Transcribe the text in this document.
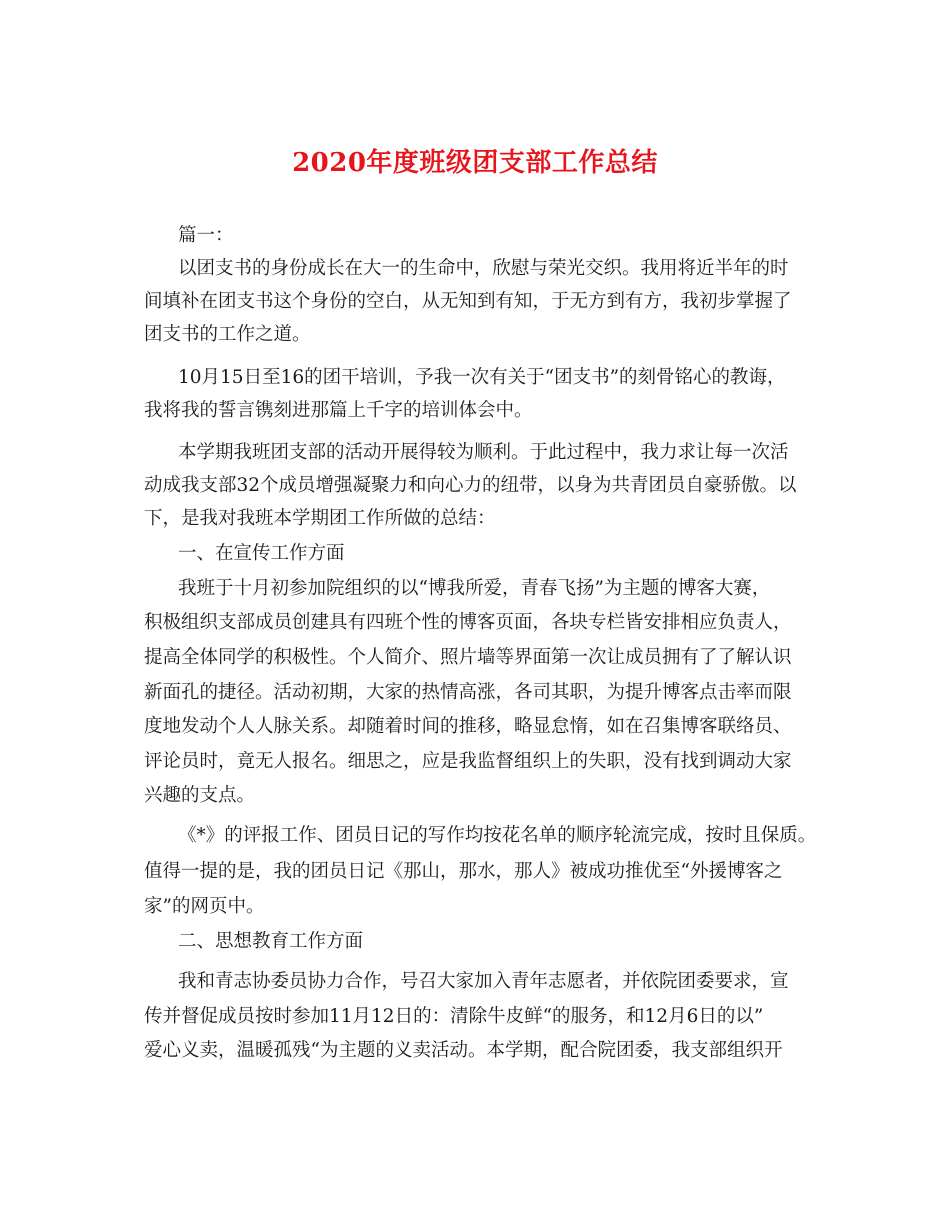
2020年度班级团支部工作总结
篇一：
以团支书的身份成长在大一的生命中，欣慰与荣光交织。我用将近半年的时
间填补在团支书这个身份的空白，从无知到有知，于无方到有方，我初步掌握了
团支书的工作之道。
10月15日至16的团干培训，予我一次有关于“团支书”的刻骨铭心的教诲，
我将我的誓言镌刻进那篇上千字的培训体会中。
本学期我班团支部的活动开展得较为顺利。于此过程中，我力求让每一次活
动成我支部32个成员增强凝聚力和向心力的纽带，以身为共青团员自豪骄傲。以
下，是我对我班本学期团工作所做的总结：
一、在宣传工作方面
我班于十月初参加院组织的以“博我所爱，青春飞扬”为主题的博客大赛，
积极组织支部成员创建具有四班个性的博客页面，各块专栏皆安排相应负责人，
提高全体同学的积极性。个人简介、照片墙等界面第一次让成员拥有了了解认识
新面孔的捷径。活动初期，大家的热情高涨，各司其职，为提升博客点击率而限
度地发动个人人脉关系。却随着时间的推移，略显怠惰，如在召集博客联络员、
评论员时，竟无人报名。细思之，应是我监督组织上的失职，没有找到调动大家
兴趣的支点。
《*》的评报工作、团员日记的写作均按花名单的顺序轮流完成，按时且保质。
值得一提的是，我的团员日记《那山，那水，那人》被成功推优至“外援博客之
家”的网页中。
二、思想教育工作方面
我和青志协委员协力合作，号召大家加入青年志愿者，并依院团委要求，宣
传并督促成员按时参加11月12日的：清除牛皮鲜“的服务，和12月6日的以”
爱心义卖，温暖孤残“为主题的义卖活动。本学期，配合院团委，我支部组织开
